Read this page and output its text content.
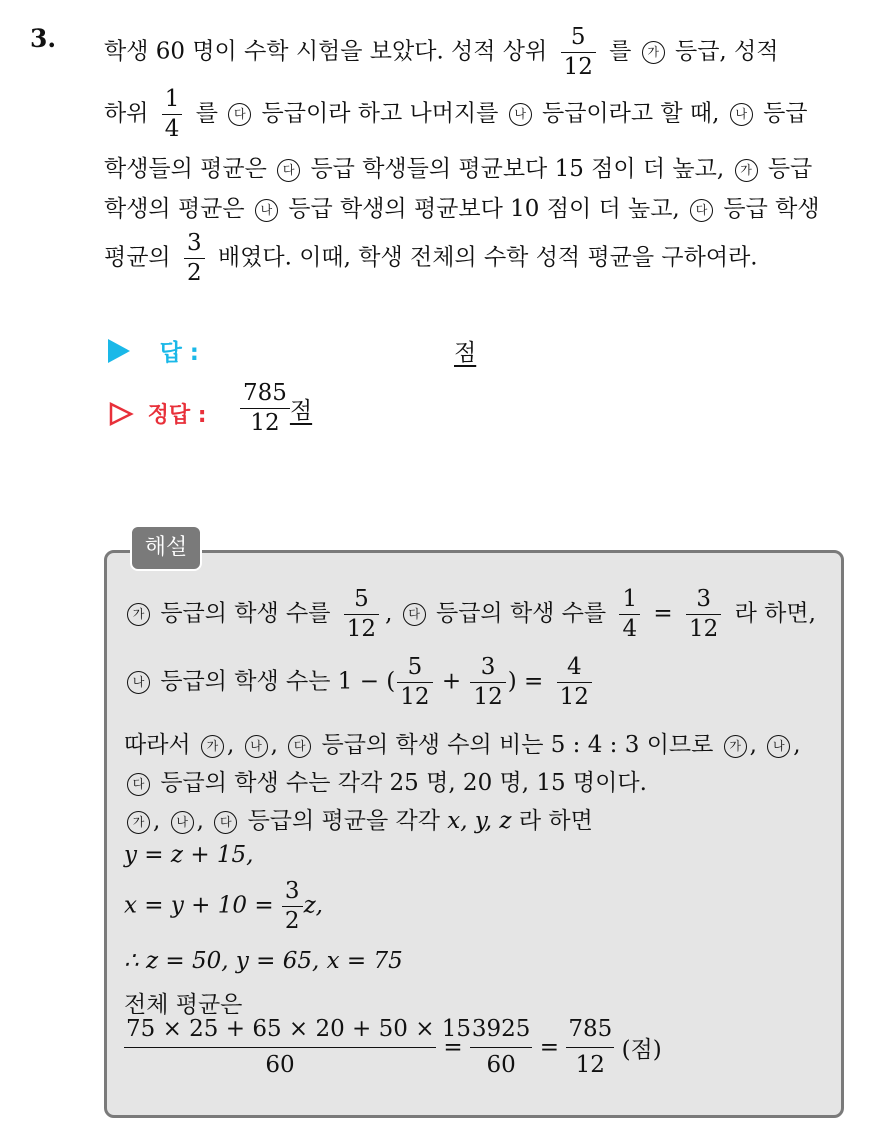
3. 학생 60 명이 수학 시험을 보았다. 성적 상위 $\frac{5}{12}$ 를 가 등급, 성적
하위 $\frac{1}{4}$ 를 다 등급이라 하고 나머지를 나 등급이라고 할 때, 나 등급
학생들의 평균은 다 등급 학생들의 평균보다 15 점이 더 높고, 가 등급
학생의 평균은 나 등급 학생의 평균보다 10 점이 더 높고, 다 등급 학생
평균의 $\frac{3}{2}$ 배였다. 이때, 학생 전체의 수학 성적 평균을 구하여라.
답 :	점
정답 : $\frac{785}{12}$ 점
해설
가 등급의 학생 수를 $\frac{5}{12}$ , 다 등급의 학생 수를 $\frac{1}{4} = \frac{3}{12}$ 라 하면,
나 등급의 학생 수는 1 − ( $\frac{5}{12} + \frac{3}{12}$ ) = $\frac{4}{12}$
따라서 가 , 나 , 다 등급의 학생 수의 비는 5 : 4 : 3 이므로 가 , 나 ,
다 등급의 학생 수는 각각 25 명, 20 명, 15 명이다.
가 , 나 , 다 등급의 평균을 각각 x, y, z 라 하면
y = z + 15,
$x = y + 10 = \frac{3}{2} z$,
∴ z = 50, y = 65, x = 75
전체 평균은
$\frac{75 \times 25 + 65 \times 20 + 50 \times 15}{60} = \frac{3925}{60} = \frac{785}{12}$ (점)
